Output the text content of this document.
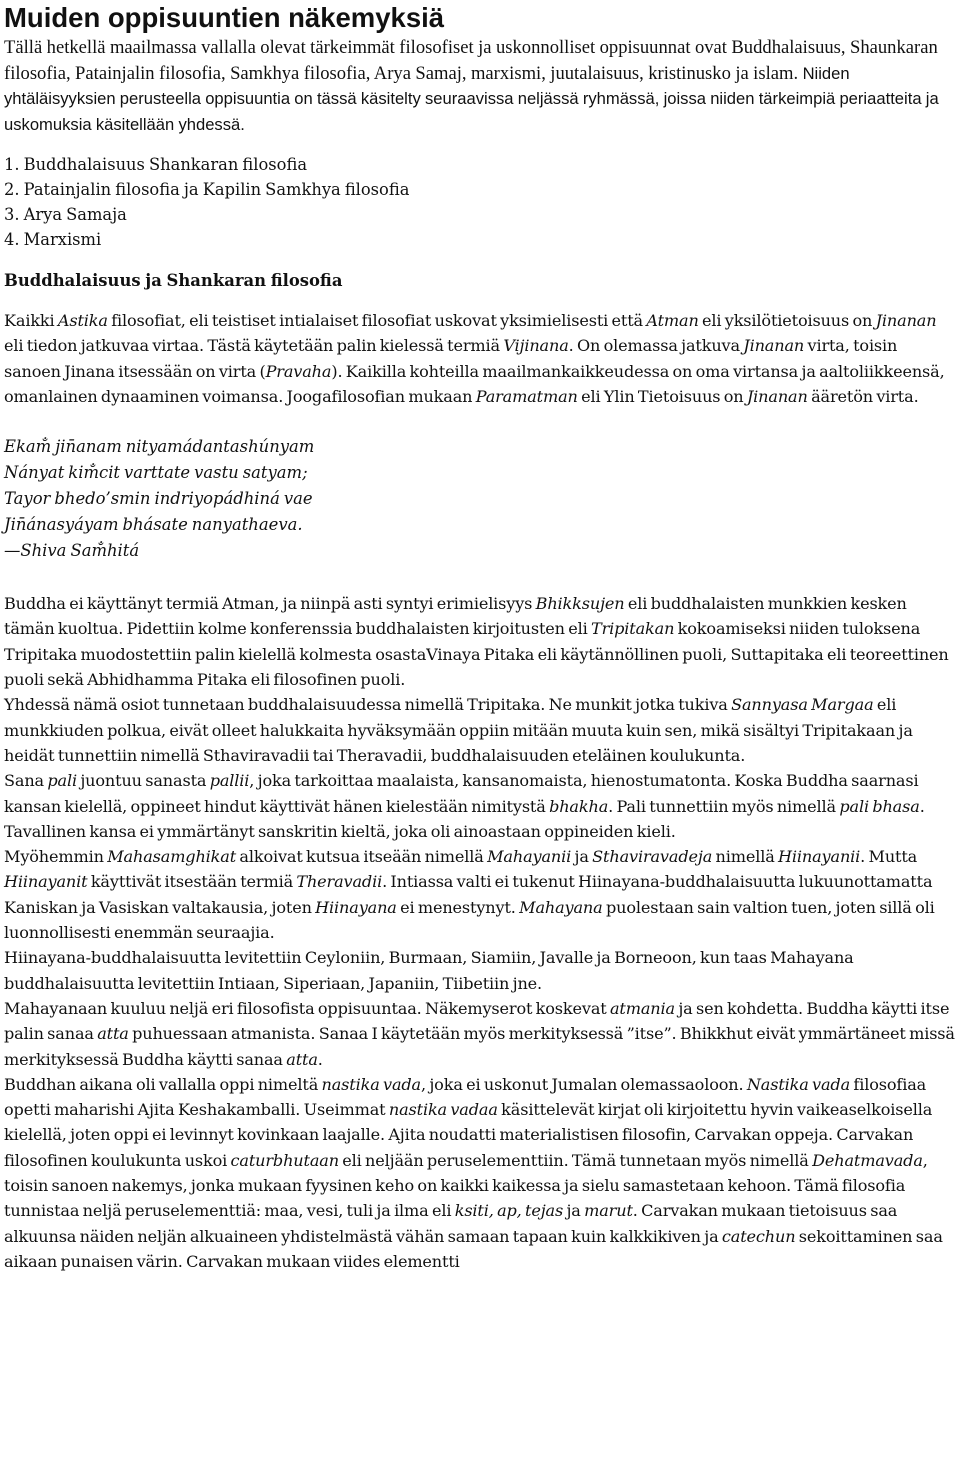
Muiden oppisuuntien näkemyksiä

Tällä hetkellä maailmassa vallalla olevat tärkeimmät filosofiset ja uskonnolliset oppisuunnat ovat Buddhalaisuus, Shaunkaran filosofia, Patainjalin filosofia, Samkhya filosofia, Arya Samaj, marxismi, juutalaisuus, kristinusko ja islam. Niiden yhtäläisyyksien perusteella oppisuuntia on tässä käsitelty seuraavissa neljässä ryhmässä, joissa niiden tärkeimpiä periaatteita ja uskomuksia käsitellään yhdessä.

1. Buddhalaisuus Shankaran filosofia
2. Patainjalin filosofia ja Kapilin Samkhya filosofia
3. Arya Samaja
4. Marxismi
Buddhalaisuus ja Shankaran filosofia

Kaikki Astika filosofiat, eli teistiset intialaiset filosofiat uskovat yksimielisesti että Atman eli yksilötietoisuus on Jinanan eli tiedon jatkuvaa virtaa. Tästä käytetään palin kielessä termiä Vijinana. On olemassa jatkuva Jinanan virta, toisin sanoen Jinana itsessään on virta (Pravaha). Kaikilla kohteilla maailmankaikkeudessa on oma virtansa ja aaltoliikkeensä, omanlainen dynaaminen voimansa. Joogafilosofian mukaan Paramatman eli Ylin Tietoisuus on Jinanan ääretön virta.

Ekam̐ jin̄anam nityamádantashúnyam
Nányat kim̐cit varttate vastu satyam;
Tayor bhedo’smin indriyopádhiná vae
Jin̄ánasyáyam bhásate nanyathaeva.
—Shiva Sam̐hitá

Buddha ei käyttänyt termiä Atman, ja niinpä asti syntyi erimielisyys Bhikksujen eli buddhalaisten munkkien kesken tämän kuoltua. Pidettiin kolme konferenssia buddhalaisten kirjoitusten eli Tripitakan kokoamiseksi niiden tuloksena Tripitaka muodostettiin palin kielellä kolmesta osastaVinaya Pitaka eli käytännöllinen puoli, Suttapitaka eli teoreettinen puoli sekä Abhidhamma Pitaka eli filosofinen puoli.

Yhdessä nämä osiot tunnetaan buddhalaisuudessa nimellä Tripitaka. Ne munkit jotka tukiva Sannyasa Margaa eli munkkiuden polkua, eivät olleet halukkaita hyväksymään oppiin mitään muuta kuin sen, mikä sisältyi Tripitakaan ja heidät tunnettiin nimellä Sthaviravadii tai Theravadii, buddhalaisuuden eteläinen koulukunta.

Sana pali juontuu sanasta pallii, joka tarkoittaa maalaista, kansanomaista, hienostumatonta. Koska Buddha saarnasi kansan kielellä, oppineet hindut käyttivät hänen kielestään nimitystä bhakha. Pali tunnettiin myös nimellä pali bhasa. Tavallinen kansa ei ymmärtänyt sanskritin kieltä, joka oli ainoastaan oppineiden kieli.

Myöhemmin Mahasamghikat alkoivat kutsua itseään nimellä Mahayanii ja Sthaviravadeja nimellä Hiinayanii. Mutta Hiinayanit käyttivät itsestään termiä Theravadii. Intiassa valti ei tukenut Hiinayana-buddhalaisuutta lukuunottamatta Kaniskan ja Vasiskan valtakausia, joten Hiinayana ei menestynyt. Mahayana puolestaan sain valtion tuen, joten sillä oli luonnollisesti enemmän seuraajia.

Hiinayana-buddhalaisuutta levitettiin Ceyloniin, Burmaan, Siamiin, Javalle ja Borneoon, kun taas Mahayana buddhalaisuutta levitettiin Intiaan, Siperiaan, Japaniin, Tiibetiin jne.

Mahayanaan kuuluu neljä eri filosofista oppisuuntaa. Näkemyserot koskevat atmania ja sen kohdetta. Buddha käytti itse palin sanaa atta puhuessaan atmanista. Sanaa I käytetään myös merkityksessä ”itse”. Bhikkhut eivät ymmärtäneet missä merkityksessä Buddha käytti sanaa atta.

Buddhan aikana oli vallalla oppi nimeltä nastika vada, joka ei uskonut Jumalan olemassaoloon. Nastika vada filosofiaa opetti maharishi Ajita Keshakamballi. Useimmat nastika vadaa käsittelevät kirjat oli kirjoitettu hyvin vaikeaselkoisella kielellä, joten oppi ei levinnyt kovinkaan laajalle. Ajita noudatti materialistisen filosofin, Carvakan oppeja. Carvakan filosofinen koulukunta uskoi caturbhutaan eli neljään peruselementtiin. Tämä tunnetaan myös nimellä Dehatmavada, toisin sanoen nakemys, jonka mukaan fyysinen keho on kaikki kaikessa ja sielu samastetaan kehoon. Tämä filosofia tunnistaa neljä peruselementtiä: maa, vesi, tuli ja ilma eli ksiti, ap, tejas ja marut. Carvakan mukaan tietoisuus saa alkuunsa näiden neljän alkuaineen yhdistelmästä vähän samaan tapaan kuin kalkkikiven ja catechun sekoittaminen saa aikaan punaisen värin. Carvakan mukaan viides elementti
